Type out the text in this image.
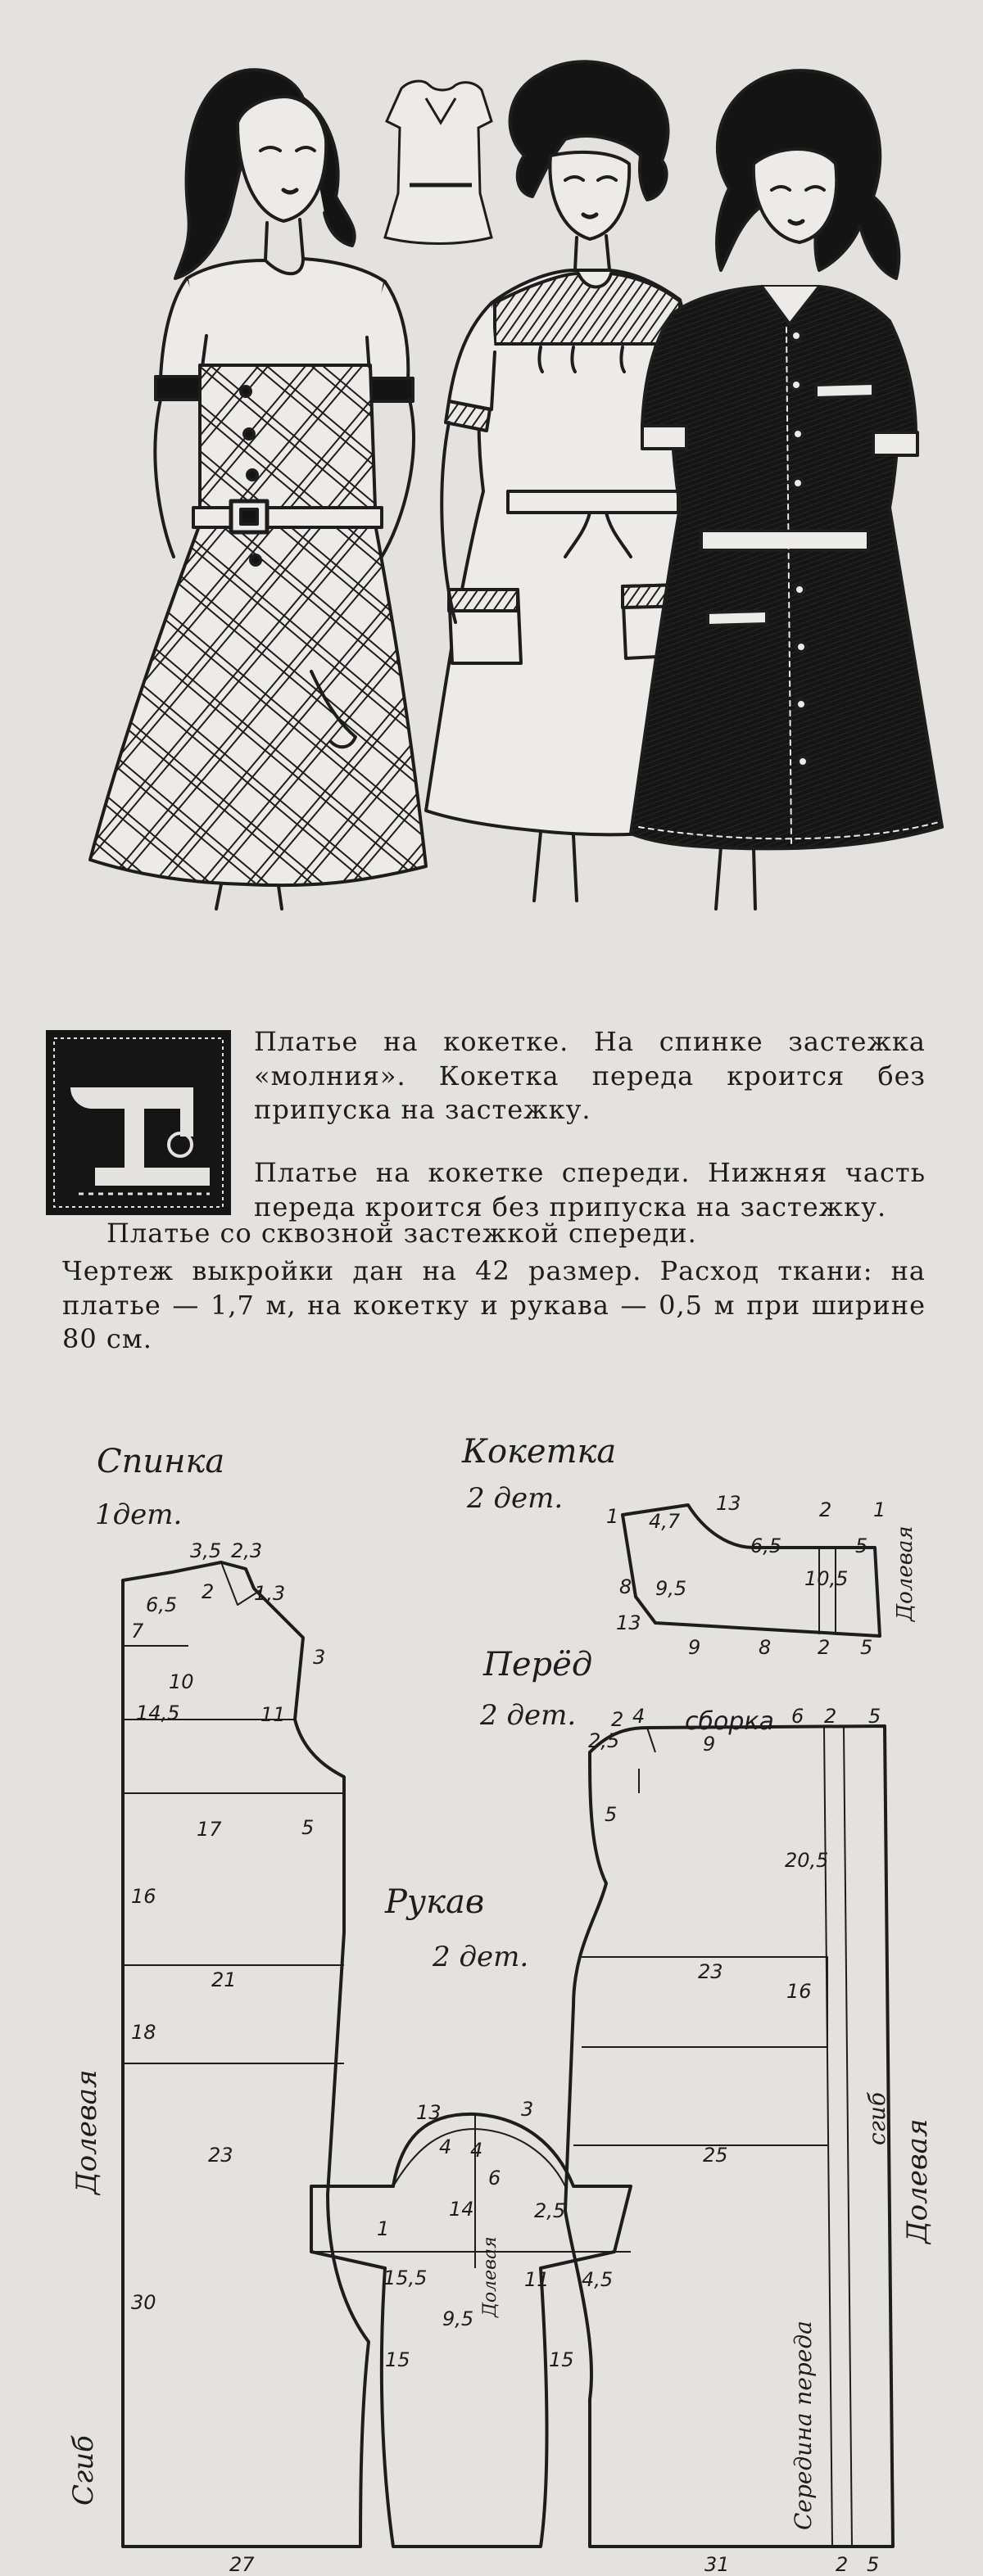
Платье на кокетке. На спинке застежка «молния». Кокетка переда кроится без припуска на застежку.

Платье на кокетке спереди. Нижняя часть переда кроится без припуска на застежку.

Платье со сквозной застежкой спереди.

Чертеж выкройки дан на 42 размер. Расход ткани: на платье — 1,7 м, на кокетку и рукава — 0,5 м при ширине 80 см.

Спинка
1дет.
Кокетка
2 дет.
Перёд
2 дет.
Рукав
2 дет.
сборка
Долевая
Сгиб
Долевая
Долевая
сгиб
Середина переда
Долевая
3,5 2,3
6,5
2 1,3
7
3
10
14,5	11
17	5
16
21
18
23
30
27
1 4,7
13	2 1
6,5	5
8 9,5	10,5
13
9	8 2 5
2,5
2 4	6 2 5
9
5
20,5
23
16
25
31	2 5
13	3
4 4
6
14	2,5
1
15,5
9,5
11 4,5
15	15
